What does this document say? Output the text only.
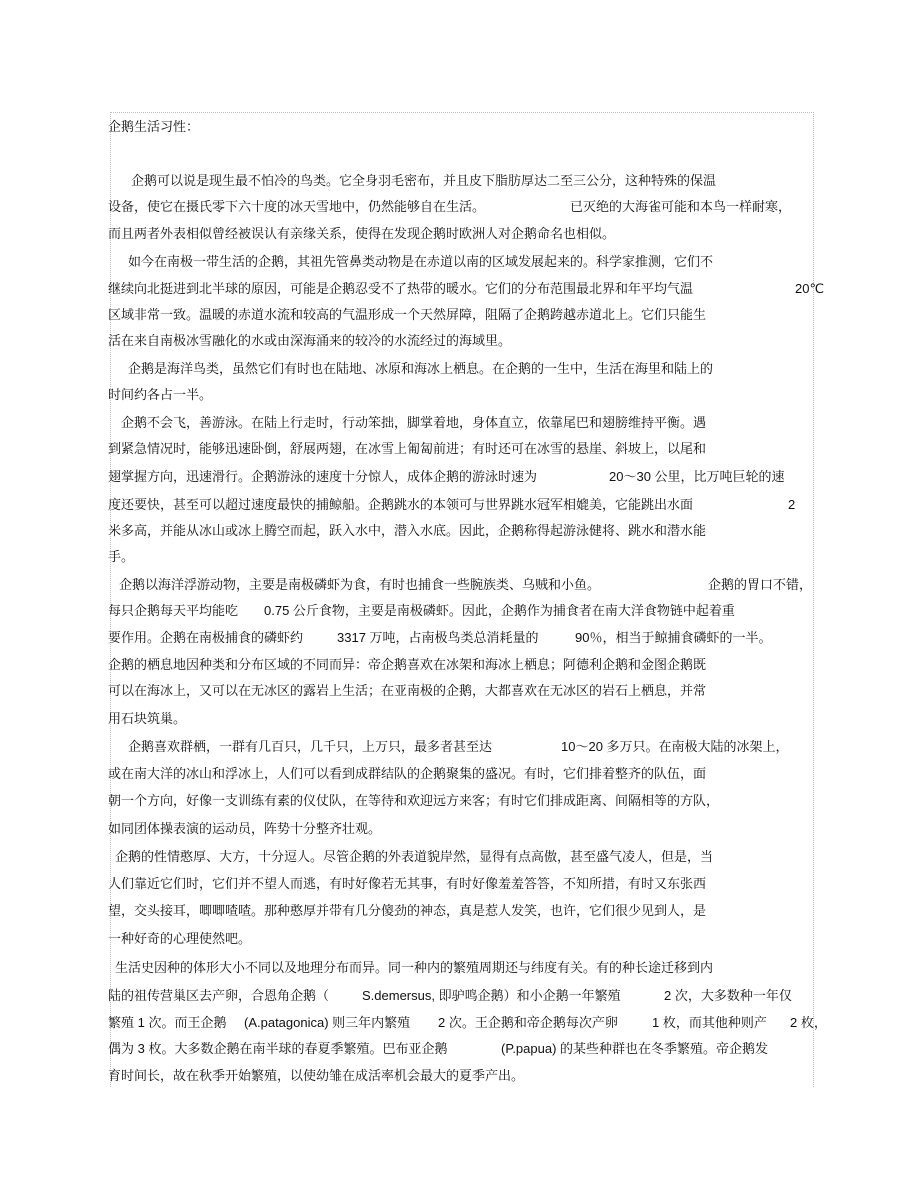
企鹅生活习性：
企鹅可以说是现生最不怕冷的鸟类。它全身羽毛密布，并且皮下脂肪厚达二至三公分，这种特殊的保温
设备，使它在摄氏零下六十度的冰天雪地中，仍然能够自在生活。	已灭绝的大海雀可能和本鸟一样耐寒，
而且两者外表相似曾经被误认有亲缘关系，使得在发现企鹅时欧洲人对企鹅命名也相似。
如今在南极一带生活的企鹅，其祖先管鼻类动物是在赤道以南的区域发展起来的。科学家推测，它们不
继续向北挺进到北半球的原因，可能是企鹅忍受不了热带的暖水。它们的分布范围最北界和年平均气温	20℃
区域非常一致。温暖的赤道水流和较高的气温形成一个天然屏障，阻隔了企鹅跨越赤道北上。它们只能生
活在来自南极冰雪融化的水或由深海涌来的较冷的水流经过的海域里。
企鹅是海洋鸟类，虽然它们有时也在陆地、冰原和海冰上栖息。在企鹅的一生中，生活在海里和陆上的
时间约各占一半。
企鹅不会飞，善游泳。在陆上行走时，行动笨拙，脚掌着地，身体直立，依靠尾巴和翅膀维持平衡。遇
到紧急情况时，能够迅速卧倒，舒展两翅，在冰雪上匍匐前进；有时还可在冰雪的悬崖、斜坡上，以尾和
翅掌握方向，迅速滑行。企鹅游泳的速度十分惊人，成体企鹅的游泳时速为	20～30 公里，比万吨巨轮的速
度还要快，甚至可以超过速度最快的捕鲸船。企鹅跳水的本领可与世界跳水冠军相媲美，它能跳出水面	2
米多高，并能从冰山或冰上腾空而起，跃入水中，潜入水底。因此，企鹅称得起游泳健将、跳水和潜水能
手。
企鹅以海洋浮游动物，主要是南极磷虾为食，有时也捕食一些腕族类、乌贼和小鱼。	企鹅的胃口不错，
每只企鹅每天平均能吃 0.75 公斤食物，主要是南极磷虾。因此，企鹅作为捕食者在南大洋食物链中起着重
要作用。企鹅在南极捕食的磷虾约	3317 万吨，占南极鸟类总消耗量的	90％，相当于鲸捕食磷虾的一半。
企鹅的栖息地因种类和分布区域的不同而异：帝企鹅喜欢在冰架和海冰上栖息；阿德利企鹅和金图企鹅既
可以在海冰上，又可以在无冰区的露岩上生活；在亚南极的企鹅，大都喜欢在无冰区的岩石上栖息，并常
用石块筑巢。
企鹅喜欢群栖，一群有几百只，几千只，上万只，最多者甚至达	10～20 多万只。在南极大陆的冰架上，
或在南大洋的冰山和浮冰上，人们可以看到成群结队的企鹅聚集的盛况。有时，它们排着整齐的队伍，面
朝一个方向，好像一支训练有素的仪仗队，在等待和欢迎远方来客；有时它们排成距离、间隔相等的方队，
如同团体操表演的运动员，阵势十分整齐壮观。
企鹅的性情憨厚、大方，十分逗人。尽管企鹅的外表道貌岸然，显得有点高傲，甚至盛气凌人，但是，当
人们靠近它们时，它们并不望人而逃，有时好像若无其事，有时好像羞羞答答，不知所措，有时又东张西
望，交头接耳，唧唧喳喳。那种憨厚并带有几分傻劲的神态，真是惹人发笑，也许，它们很少见到人，是
一种好奇的心理使然吧。
生活史因种的体形大小不同以及地理分布而异。同一种内的繁殖周期还与纬度有关。有的种长途迁移到内
陆的祖传营巢区去产卵，合恩角企鹅（	S.demersus, 即驴鸣企鹅）和小企鹅一年繁殖	2 次，大多数种一年仅
繁殖 1 次。而王企鹅 (A.patagonica) 则三年内繁殖 2 次。王企鹅和帝企鹅每次产卵	1 枚，而其他种则产 2 枚，
偶为 3 枚。大多数企鹅在南半球的春夏季繁殖。巴布亚企鹅	(P.papua) 的某些种群也在冬季繁殖。帝企鹅发
育时间长，故在秋季开始繁殖，以使幼雏在成活率机会最大的夏季产出。
